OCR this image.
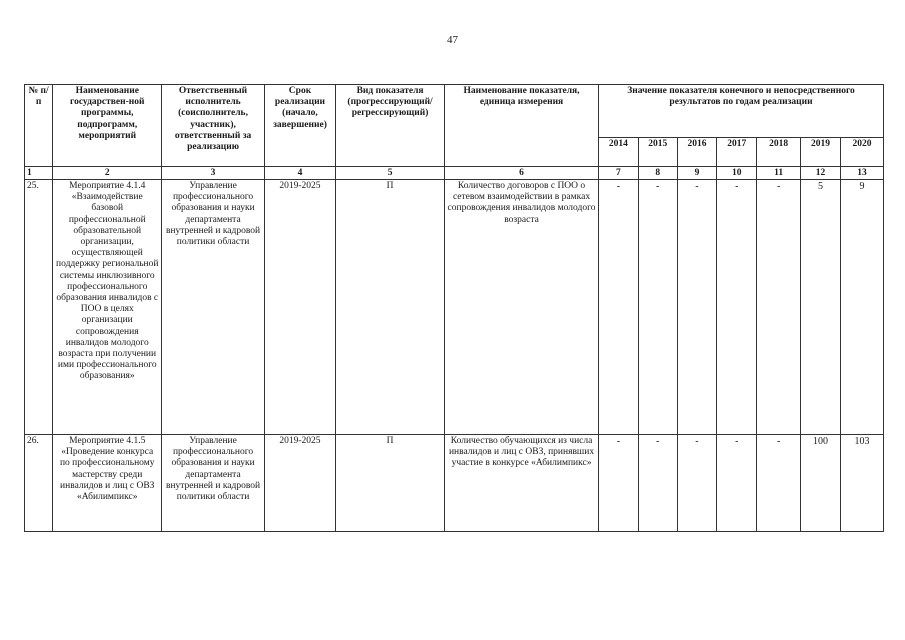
47
№ п/п	Наименование государствен-ной программы, подпрограмм, мероприятий	Ответственный исполнитель (соисполнитель, участник), ответственный за реализацию	Срок реализации (начало, завершение)	Вид показателя (прогрессирующий/ регрессирующий)	Наименование показателя, единица измерения	Значение показателя конечного и непосредственного результатов по годам реализации						
						2014	2015	2016	2017	2018	2019	2020
1	2	3	4	5	6	7	8	9	10	11	12	13
25.	Мероприятие 4.1.4 «Взаимодействие базовой профессиональной образовательной организации, осуществляющей поддержку региональной системы инклюзивного профессионального образования инвалидов с ПОО в целях организации сопровождения инвалидов молодого возраста при получении ими профессионального образования»	Управление профессионального образования и науки департамента внутренней и кадровой политики области	2019-2025	П	Количество договоров с ПОО о сетевом взаимодействии в рамках сопровождения инвалидов молодого возраста	-	-	-	-	-	5	9
26.	Мероприятие 4.1.5 «Проведение конкурса по профессиональному мастерству среди инвалидов и лиц с ОВЗ «Абилимпикс»	Управление профессионального образования и науки департамента внутренней и кадровой политики области	2019-2025	П	Количество обучающихся из числа инвалидов и лиц с ОВЗ, принявших участие в конкурсе «Абилимпикс»	-	-	-	-	-	100	103
